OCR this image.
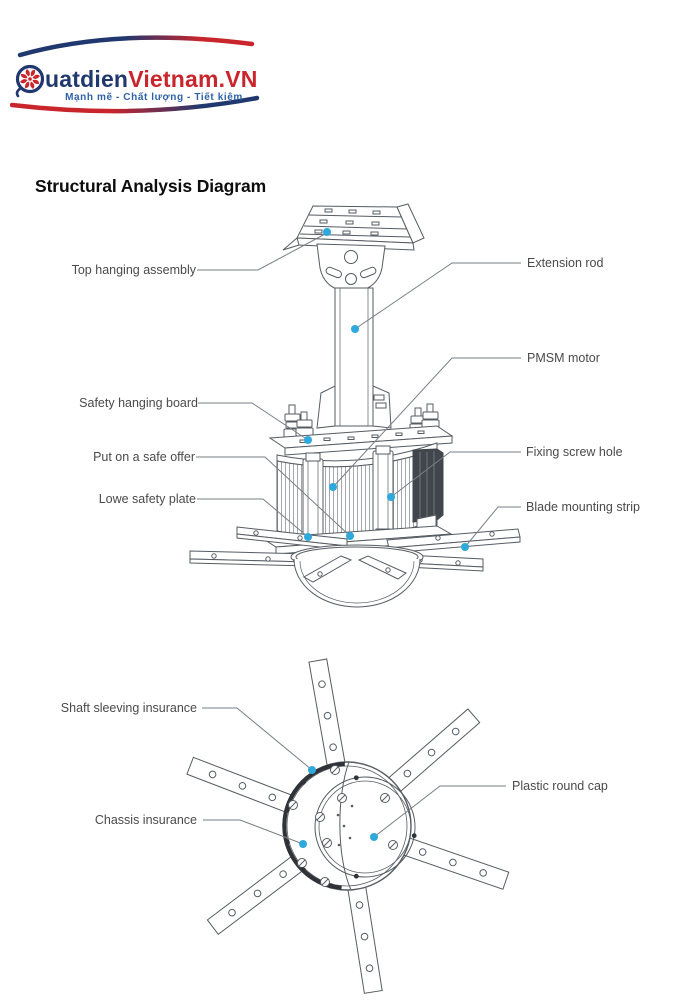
uatdienVietnam.VN
Mạnh mẽ - Chất lượng - Tiết kiệm
Structural Analysis Diagram
Top hanging assembly	Extension rod
Safety hanging board
PMSM motor
Put on a safe offer	Fixing screw hole
Lowe safety plate
Blade mounting strip
Shaft sleeving insurance
Chassis insurance
Plastic round cap
